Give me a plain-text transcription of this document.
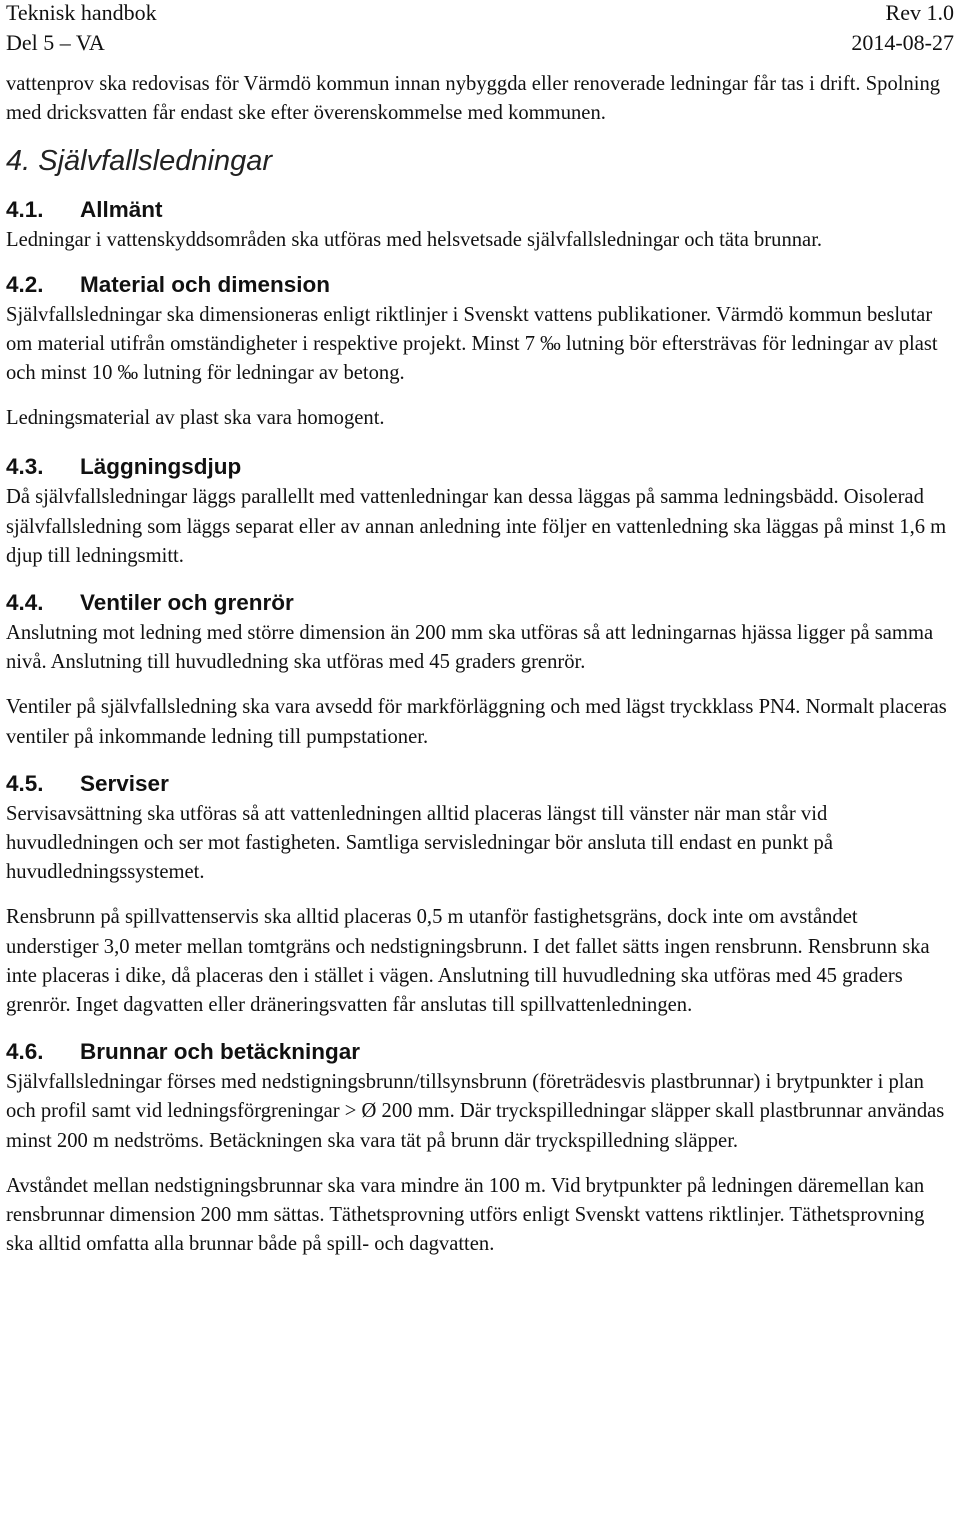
Teknisk handbok	Rev 1.0
Del 5 – VA	2014-08-27

vattenprov ska redovisas för Värmdö kommun innan nybyggda eller renoverade ledningar får tas i drift. Spolning med dricksvatten får endast ske efter överenskommelse med kommunen.

4. Självfallsledningar
4.1.	Allmänt

Ledningar i vattenskyddsområden ska utföras med helsvetsade självfallsledningar och täta brunnar.

4.2.	Material och dimension

Självfallsledningar ska dimensioneras enligt riktlinjer i Svenskt vattens publikationer. Värmdö kommun beslutar om material utifrån omständigheter i respektive projekt. Minst 7 ‰ lutning bör eftersträvas för ledningar av plast och minst 10 ‰ lutning för ledningar av betong.

Ledningsmaterial av plast ska vara homogent.

4.3.	Läggningsdjup

Då självfallsledningar läggs parallellt med vattenledningar kan dessa läggas på samma ledningsbädd. Oisolerad självfallsledning som läggs separat eller av annan anledning inte följer en vattenledning ska läggas på minst 1,6 m djup till ledningsmitt.

4.4.	Ventiler och grenrör

Anslutning mot ledning med större dimension än 200 mm ska utföras så att ledningarnas hjässa ligger på samma nivå. Anslutning till huvudledning ska utföras med 45 graders grenrör.

Ventiler på självfallsledning ska vara avsedd för markförläggning och med lägst tryckklass PN4. Normalt placeras ventiler på inkommande ledning till pumpstationer.

4.5.	Serviser

Servisavsättning ska utföras så att vattenledningen alltid placeras längst till vänster när man står vid huvudledningen och ser mot fastigheten. Samtliga servisledningar bör ansluta till endast en punkt på huvudledningssystemet.

Rensbrunn på spillvattenservis ska alltid placeras 0,5 m utanför fastighetsgräns, dock inte om avståndet understiger 3,0 meter mellan tomtgräns och nedstigningsbrunn. I det fallet sätts ingen rensbrunn. Rensbrunn ska inte placeras i dike, då placeras den i stället i vägen. Anslutning till huvudledning ska utföras med 45 graders grenrör. Inget dagvatten eller dräneringsvatten får anslutas till spillvattenledningen.

4.6.	Brunnar och betäckningar

Självfallsledningar förses med nedstigningsbrunn/tillsynsbrunn (företrädesvis plastbrunnar) i brytpunkter i plan och profil samt vid ledningsförgreningar > Ø 200 mm. Där tryckspilledningar släpper skall plastbrunnar användas minst 200 m nedströms. Betäckningen ska vara tät på brunn där tryckspilledning släpper.

Avståndet mellan nedstigningsbrunnar ska vara mindre än 100 m. Vid brytpunkter på ledningen däremellan kan rensbrunnar dimension 200 mm sättas. Täthetsprovning utförs enligt Svenskt vattens riktlinjer. Täthetsprovning ska alltid omfatta alla brunnar både på spill- och dagvatten.
